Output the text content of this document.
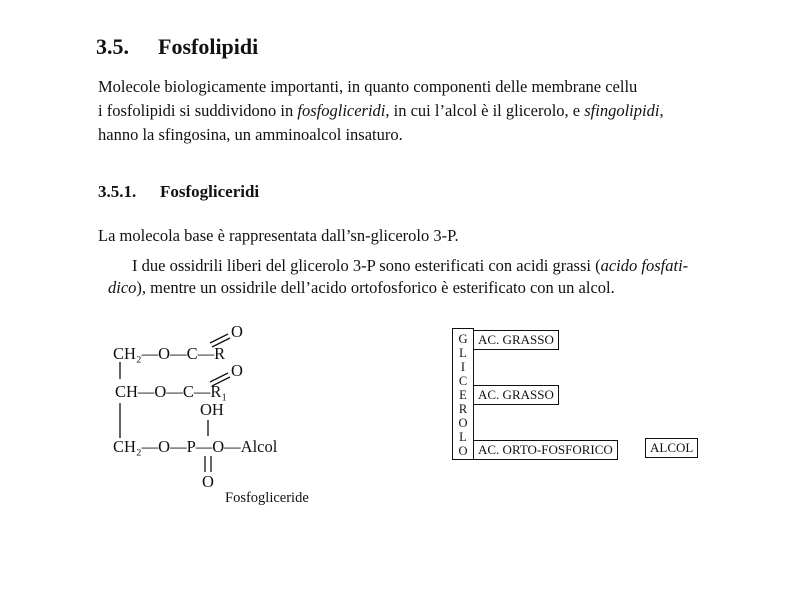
3.5. Fosfolipidi
Molecole biologicamente importanti, in quanto componenti delle membrane cellu
i fosfolipidi si suddividono in fosfogliceridi, in cui l’alcol è il glicerolo, e sfingolipidi,
hanno la sfingosina, un amminoalcol insaturo.
3.5.1. Fosfogliceridi
La molecola base è rappresentata dall’sn-glicerolo 3-P.
I due ossidrili liberi del glicerolo 3-P sono esterificati con acidi grassi (acido fosfati-
dico), mentre un ossidrile dell’acido ortofosforico è esterificato con un alcol.
O
CH₂—O—C—R
O
CH—O—C—R₁
OH
CH₂—O—P—O—Alcol
O
Fosfogliceride
G
L
I
C
E
R
O
L
O
AC. GRASSO
AC. GRASSO
AC. ORTO-FOSFORICO	ALCOL
